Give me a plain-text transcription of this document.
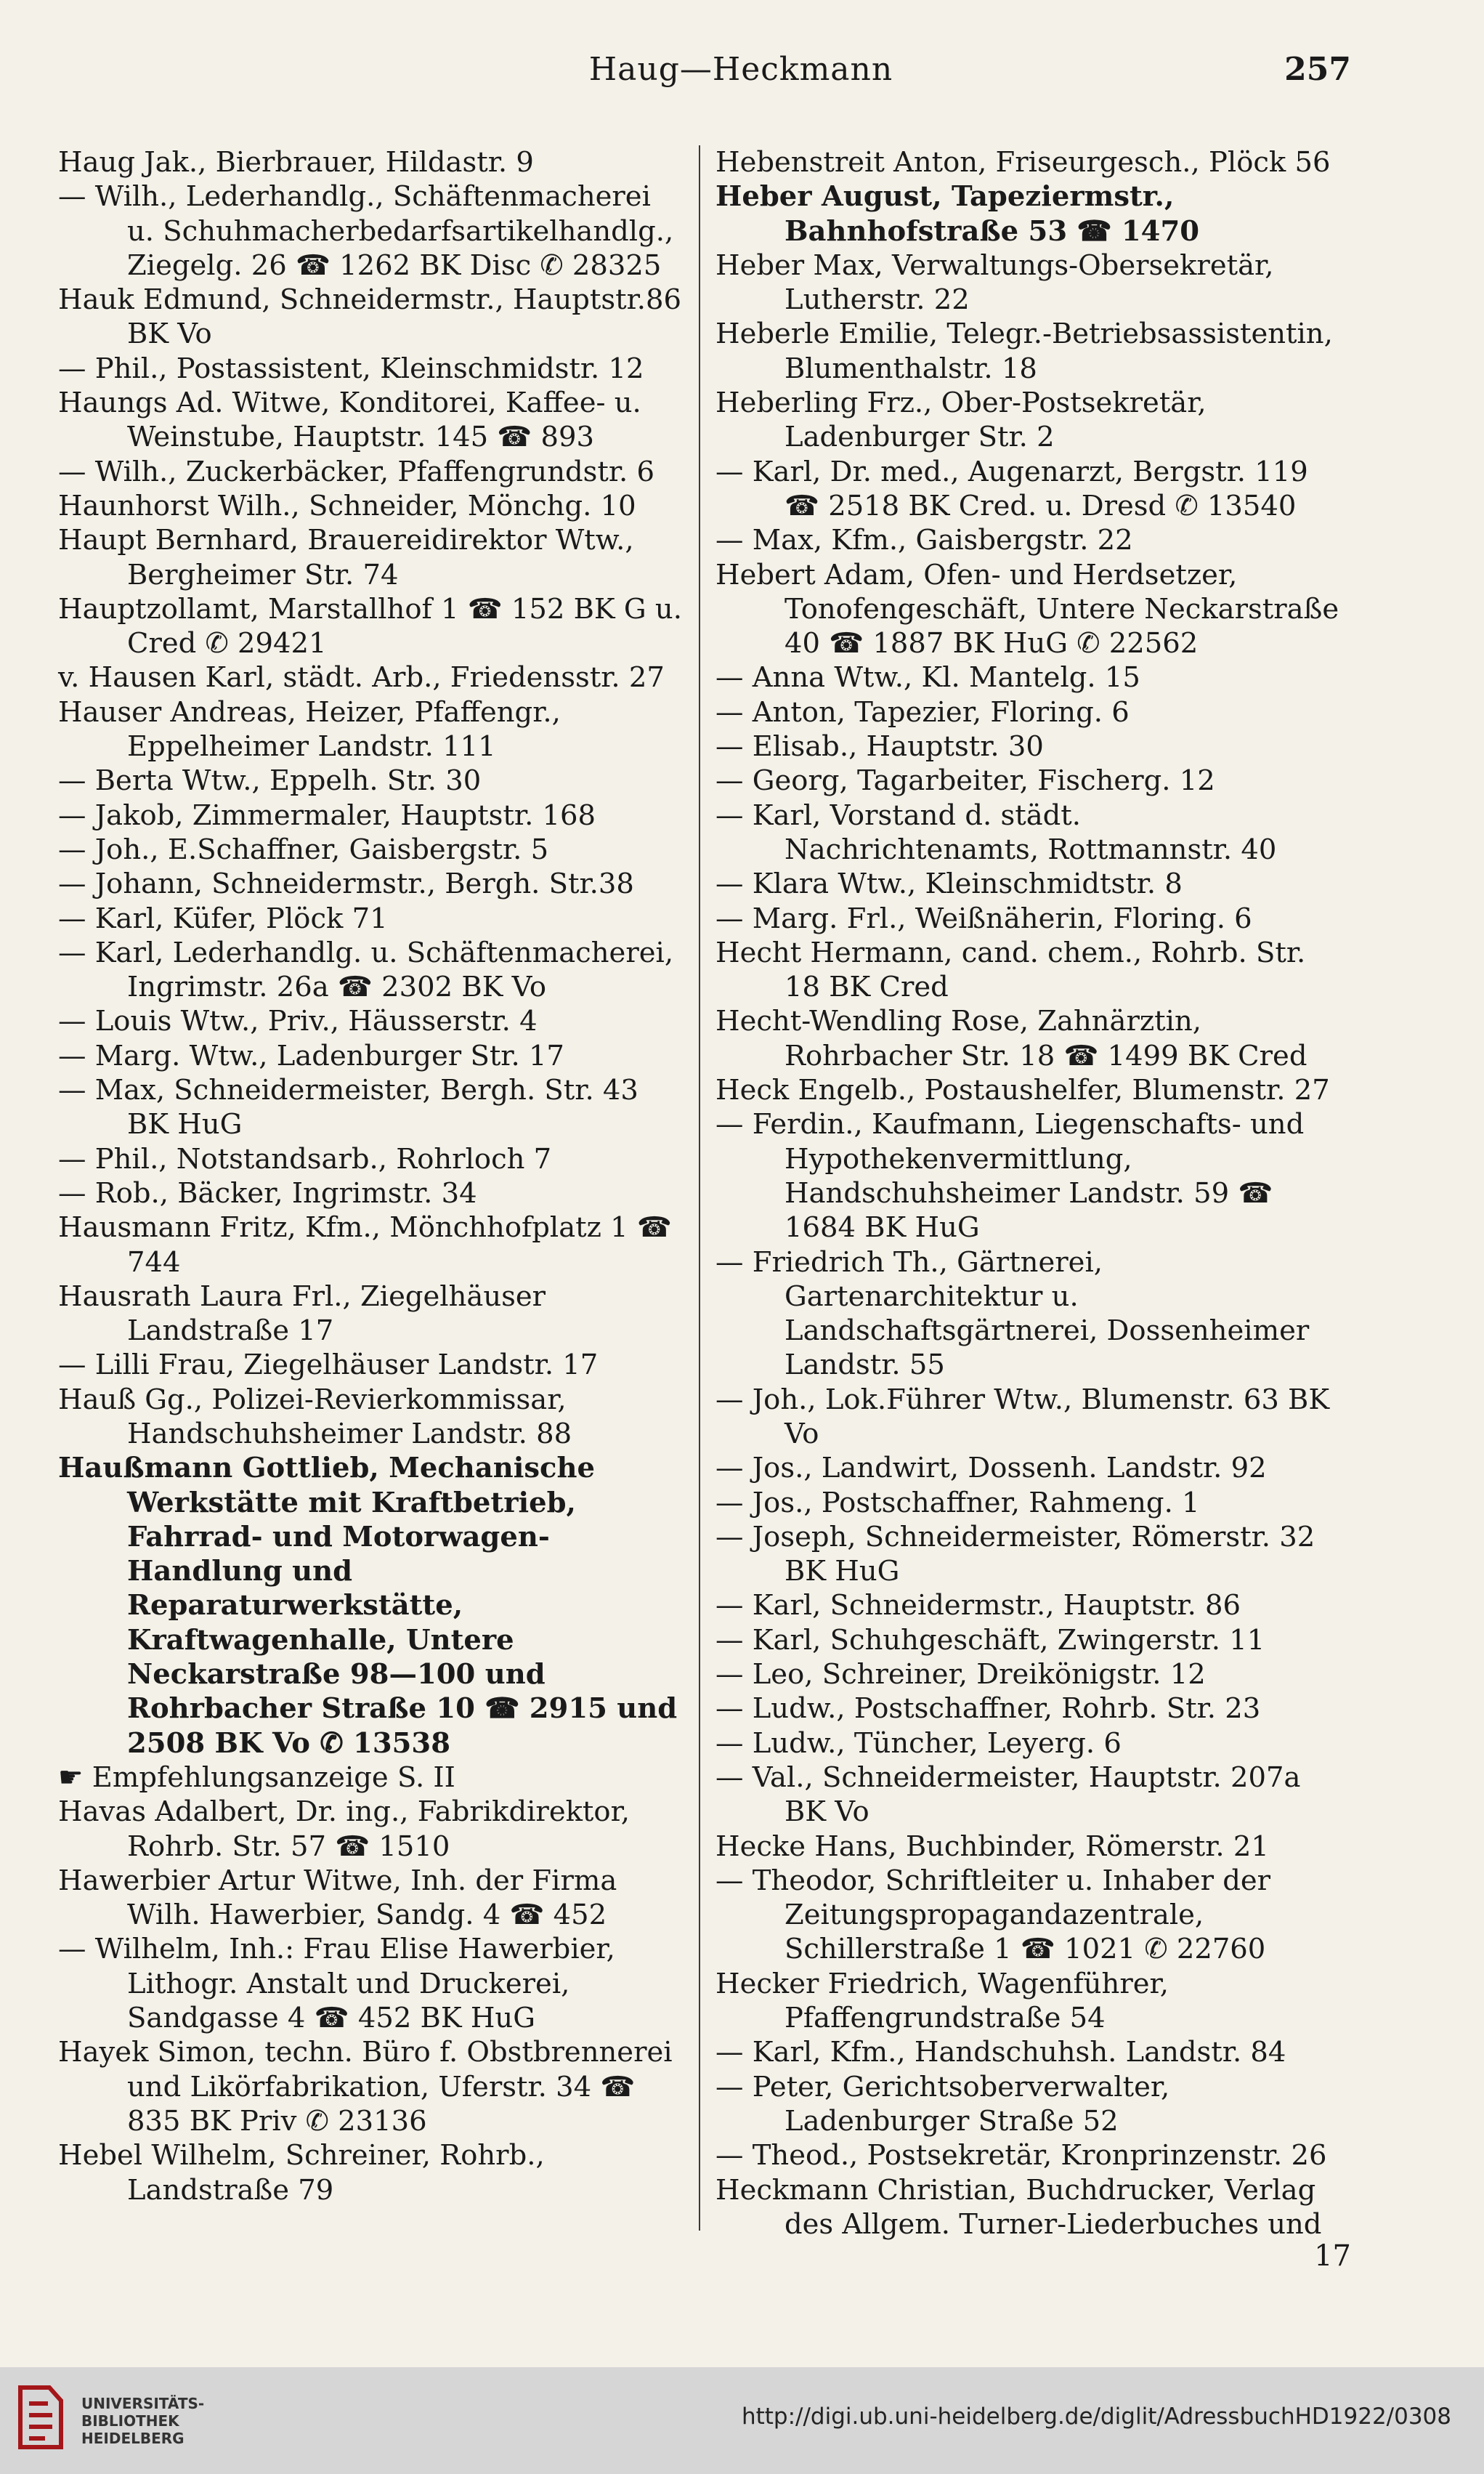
Haug—Heckmann	257
Haug Jak., Bierbrauer, Hildastr. 9
— Wilh., Lederhandlg., Schäftenmacherei u. Schuhmacherbedarfsartikelhandlg., Ziegelg. 26 ☎ 1262 BK Disc ✆ 28325
Hauk Edmund, Schneidermstr., Hauptstr.86 BK Vo
— Phil., Postassistent, Kleinschmidstr. 12
Haungs Ad. Witwe, Konditorei, Kaffee- u. Weinstube, Hauptstr. 145 ☎ 893
— Wilh., Zuckerbäcker, Pfaffengrundstr. 6
Haunhorst Wilh., Schneider, Mönchg. 10
Haupt Bernhard, Brauereidirektor Wtw., Bergheimer Str. 74
Hauptzollamt, Marstallhof 1 ☎ 152 BK G u. Cred ✆ 29421
v. Hausen Karl, städt. Arb., Friedensstr. 27
Hauser Andreas, Heizer, Pfaffengr., Eppelheimer Landstr. 111
— Berta Wtw., Eppelh. Str. 30
— Jakob, Zimmermaler, Hauptstr. 168
— Joh., E.Schaffner, Gaisbergstr. 5
— Johann, Schneidermstr., Bergh. Str.38
— Karl, Küfer, Plöck 71
— Karl, Lederhandlg. u. Schäftenmacherei, Ingrimstr. 26a ☎ 2302 BK Vo
— Louis Wtw., Priv., Häusserstr. 4
— Marg. Wtw., Ladenburger Str. 17
— Max, Schneidermeister, Bergh. Str. 43 BK HuG
— Phil., Notstandsarb., Rohrloch 7
— Rob., Bäcker, Ingrimstr. 34
Hausmann Fritz, Kfm., Mönchhofplatz 1 ☎ 744
Hausrath Laura Frl., Ziegelhäuser Landstraße 17
— Lilli Frau, Ziegelhäuser Landstr. 17
Hauß Gg., Polizei-Revierkommissar, Handschuhsheimer Landstr. 88
Haußmann Gottlieb, Mechanische Werkstätte mit Kraftbetrieb, Fahrrad- und Motorwagen-Handlung und Reparaturwerkstätte, Kraftwagenhalle, Untere Neckarstraße 98—100 und Rohrbacher Straße 10 ☎ 2915 und 2508 BK Vo ✆ 13538
☛ Empfehlungsanzeige S. II
Havas Adalbert, Dr. ing., Fabrikdirektor, Rohrb. Str. 57 ☎ 1510
Hawerbier Artur Witwe, Inh. der Firma Wilh. Hawerbier, Sandg. 4 ☎ 452
— Wilhelm, Inh.: Frau Elise Hawerbier, Lithogr. Anstalt und Druckerei, Sandgasse 4 ☎ 452 BK HuG
Hayek Simon, techn. Büro f. Obstbrennerei und Likörfabrikation, Uferstr. 34 ☎ 835 BK Priv ✆ 23136
Hebel Wilhelm, Schreiner, Rohrb., Landstraße 79
Hebenstreit Anton, Friseurgesch., Plöck 56
Heber August, Tapeziermstr., Bahnhofstraße 53 ☎ 1470
Heber Max, Verwaltungs-Obersekretär, Lutherstr. 22
Heberle Emilie, Telegr.-Betriebsassistentin, Blumenthalstr. 18
Heberling Frz., Ober-Postsekretär, Ladenburger Str. 2
— Karl, Dr. med., Augenarzt, Bergstr. 119 ☎ 2518 BK Cred. u. Dresd ✆ 13540
— Max, Kfm., Gaisbergstr. 22
Hebert Adam, Ofen- und Herdsetzer, Tonofengeschäft, Untere Neckarstraße 40 ☎ 1887 BK HuG ✆ 22562
— Anna Wtw., Kl. Mantelg. 15
— Anton, Tapezier, Floring. 6
— Elisab., Hauptstr. 30
— Georg, Tagarbeiter, Fischerg. 12
— Karl, Vorstand d. städt. Nachrichtenamts, Rottmannstr. 40
— Klara Wtw., Kleinschmidtstr. 8
— Marg. Frl., Weißnäherin, Floring. 6
Hecht Hermann, cand. chem., Rohrb. Str. 18 BK Cred
Hecht-Wendling Rose, Zahnärztin, Rohrbacher Str. 18 ☎ 1499 BK Cred
Heck Engelb., Postaushelfer, Blumenstr. 27
— Ferdin., Kaufmann, Liegenschafts- und Hypothekenvermittlung, Handschuhsheimer Landstr. 59 ☎ 1684 BK HuG
— Friedrich Th., Gärtnerei, Gartenarchitektur u. Landschaftsgärtnerei, Dossenheimer Landstr. 55
— Joh., Lok.Führer Wtw., Blumenstr. 63 BK Vo
— Jos., Landwirt, Dossenh. Landstr. 92
— Jos., Postschaffner, Rahmeng. 1
— Joseph, Schneidermeister, Römerstr. 32 BK HuG
— Karl, Schneidermstr., Hauptstr. 86
— Karl, Schuhgeschäft, Zwingerstr. 11
— Leo, Schreiner, Dreikönigstr. 12
— Ludw., Postschaffner, Rohrb. Str. 23
— Ludw., Tüncher, Leyerg. 6
— Val., Schneidermeister, Hauptstr. 207a BK Vo
Hecke Hans, Buchbinder, Römerstr. 21
— Theodor, Schriftleiter u. Inhaber der Zeitungspropagandazentrale, Schillerstraße 1 ☎ 1021 ✆ 22760
Hecker Friedrich, Wagenführer, Pfaffengrundstraße 54
— Karl, Kfm., Handschuhsh. Landstr. 84
— Peter, Gerichtsoberverwalter, Ladenburger Straße 52
— Theod., Postsekretär, Kronprinzenstr. 26
Heckmann Christian, Buchdrucker, Verlag des Allgem. Turner-Liederbuches und
17
UNIVERSITÄTS-
BIBLIOTHEK
HEIDELBERG
http://digi.ub.uni-heidelberg.de/diglit/AdressbuchHD1922/0308
